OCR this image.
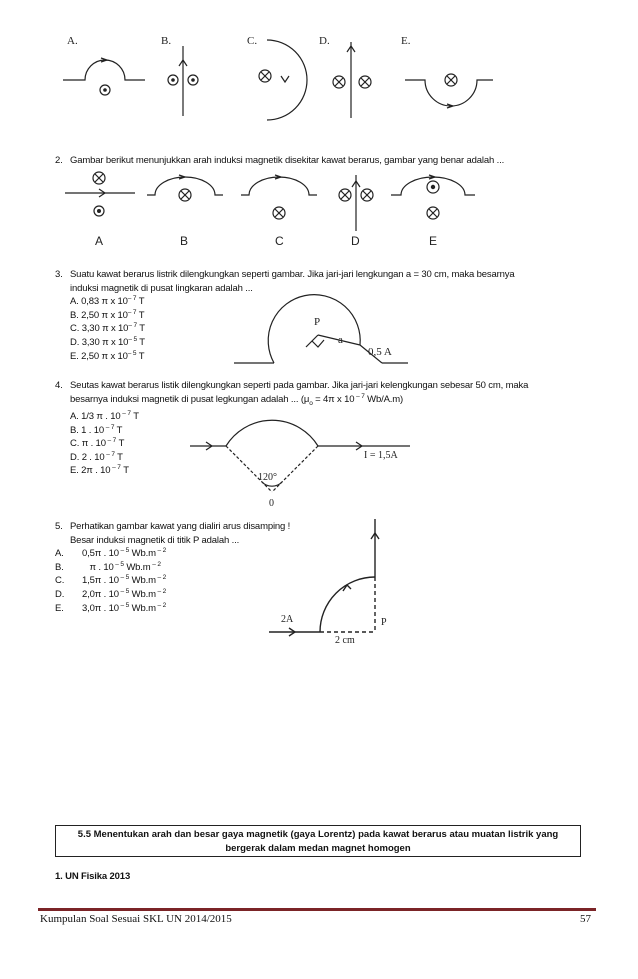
A.	B.	C.	D.	E.
2. Gambar berikut menunjukkan arah induksi magnetik disekitar kawat berarus, gambar yang benar adalah ...
A	B	C	D	E
3. Suatu kawat berarus listrik dilengkungkan seperti gambar. Jika jari-jari lengkungan a = 30 cm, maka besarnya
induksi magnetik di pusat lingkaran adalah ...
A. 0,83 π x $10^{- 7}$ T
B. 2,50 π x $10^{- 7}$ T
C. 3,30 π x $10^{- 7}$ T
D. 3,30 π x $10^{- 5}$ T
E. 2,50 π x $10^{- 5}$ T
P
a
0,5 A
4. Seutas kawat berarus listik dilengkungkan seperti pada gambar. Jika jari-jari kelengkungan sebesar 50 cm, maka
besarnya induksi magnetik di pusat legkungan adalah ... ($\mu_o = 4\pi$ x 10 $^{- 7}$ Wb/A.m)
A. 1/3 π . 10 $^{- 7}$ T
B. 1 . 10 $^{- 7}$ T
C. π . 10 $^{- 7}$ T
D. 2 . 10 $^{- 7}$ T
E. 2π . 10 $^{- 7}$ T
120°
I = 1,5A
0
5. Perhatikan gambar kawat yang dialiri arus disamping !
Besar induksi magnetik di titik P adalah ...
A. 0,5π . 10 $^{- 5}$ Wb.m $^{- 2}$
B.   π . 10 $^{- 5}$ Wb.m $^{- 2}$
C. 1,5π . 10 $^{- 5}$ Wb.m $^{- 2}$
D. 2,0π . 10 $^{- 5}$ Wb.m $^{- 2}$
E. 3,0π . 10 $^{- 5}$ Wb.m $^{- 2}$
2A	P
2 cm
5.5 Menentukan arah dan besar gaya magnetik (gaya Lorentz) pada kawat berarus atau muatan listrik yang
bergerak dalam medan magnet homogen
1. UN Fisika 2013
Kumpulan Soal Sesuai SKL UN 2014/2015	57
